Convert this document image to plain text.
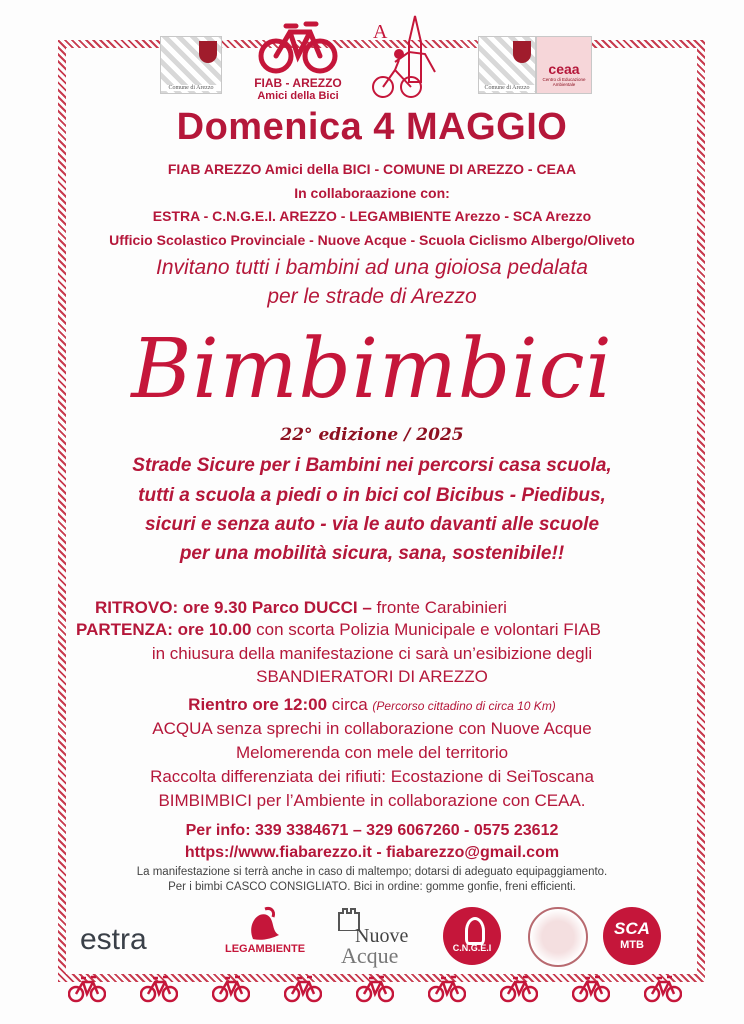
Comune di Arezzo	FIAB - AREZZO
Amici della Bici
A
Comune di Arezzo
ceaa
Centro di Educazione Ambientale
Domenica 4 MAGGIO
FIAB AREZZO Amici della BICI - COMUNE DI AREZZO - CEAA
In collaboraazione con:
ESTRA - C.N.G.E.I. AREZZO - LEGAMBIENTE Arezzo - SCA Arezzo
Ufficio Scolastico Provinciale - Nuove Acque - Scuola Ciclismo Albergo/Oliveto
Invitano tutti i bambini ad una gioiosa pedalata
per le strade di Arezzo
Bimbimbici
22° edizione / 2025
Strade Sicure per i Bambini nei percorsi casa scuola,
tutti a scuola a piedi o in bici col Bicibus - Piedibus,
sicuri e senza auto - via le auto davanti alle scuole
per una mobilità sicura, sana, sostenibile!!
RITROVO: ore 9.30 Parco DUCCI – fronte Carabinieri
PARTENZA: ore 10.00 con scorta Polizia Municipale e volontari FIAB
in chiusura della manifestazione ci sarà un’esibizione degli
SBANDIERATORI DI AREZZO
Rientro ore 12:00 circa (Percorso cittadino di circa 10 Km)
ACQUA senza sprechi in collaborazione con Nuove Acque
Melomerenda con mele del territorio
Raccolta differenziata dei rifiuti: Ecostazione di SeiToscana
BIMBIMBICI per l’Ambiente in collaborazione con CEAA.
Per info: 339 3384671 – 329 6067260 - 0575 23612
https://www.fiabarezzo.it - fiabarezzo@gmail.com
La manifestazione si terrà anche in caso di maltempo; dotarsi di adeguato equipaggiamento.
Per i bimbi CASCO CONSIGLIATO. Bici in ordine: gomme gonfie, freni efficienti.
estra	LEGAMBIENTE
Nuove
Acque	C.N.G.E.I
SCA
MTB
